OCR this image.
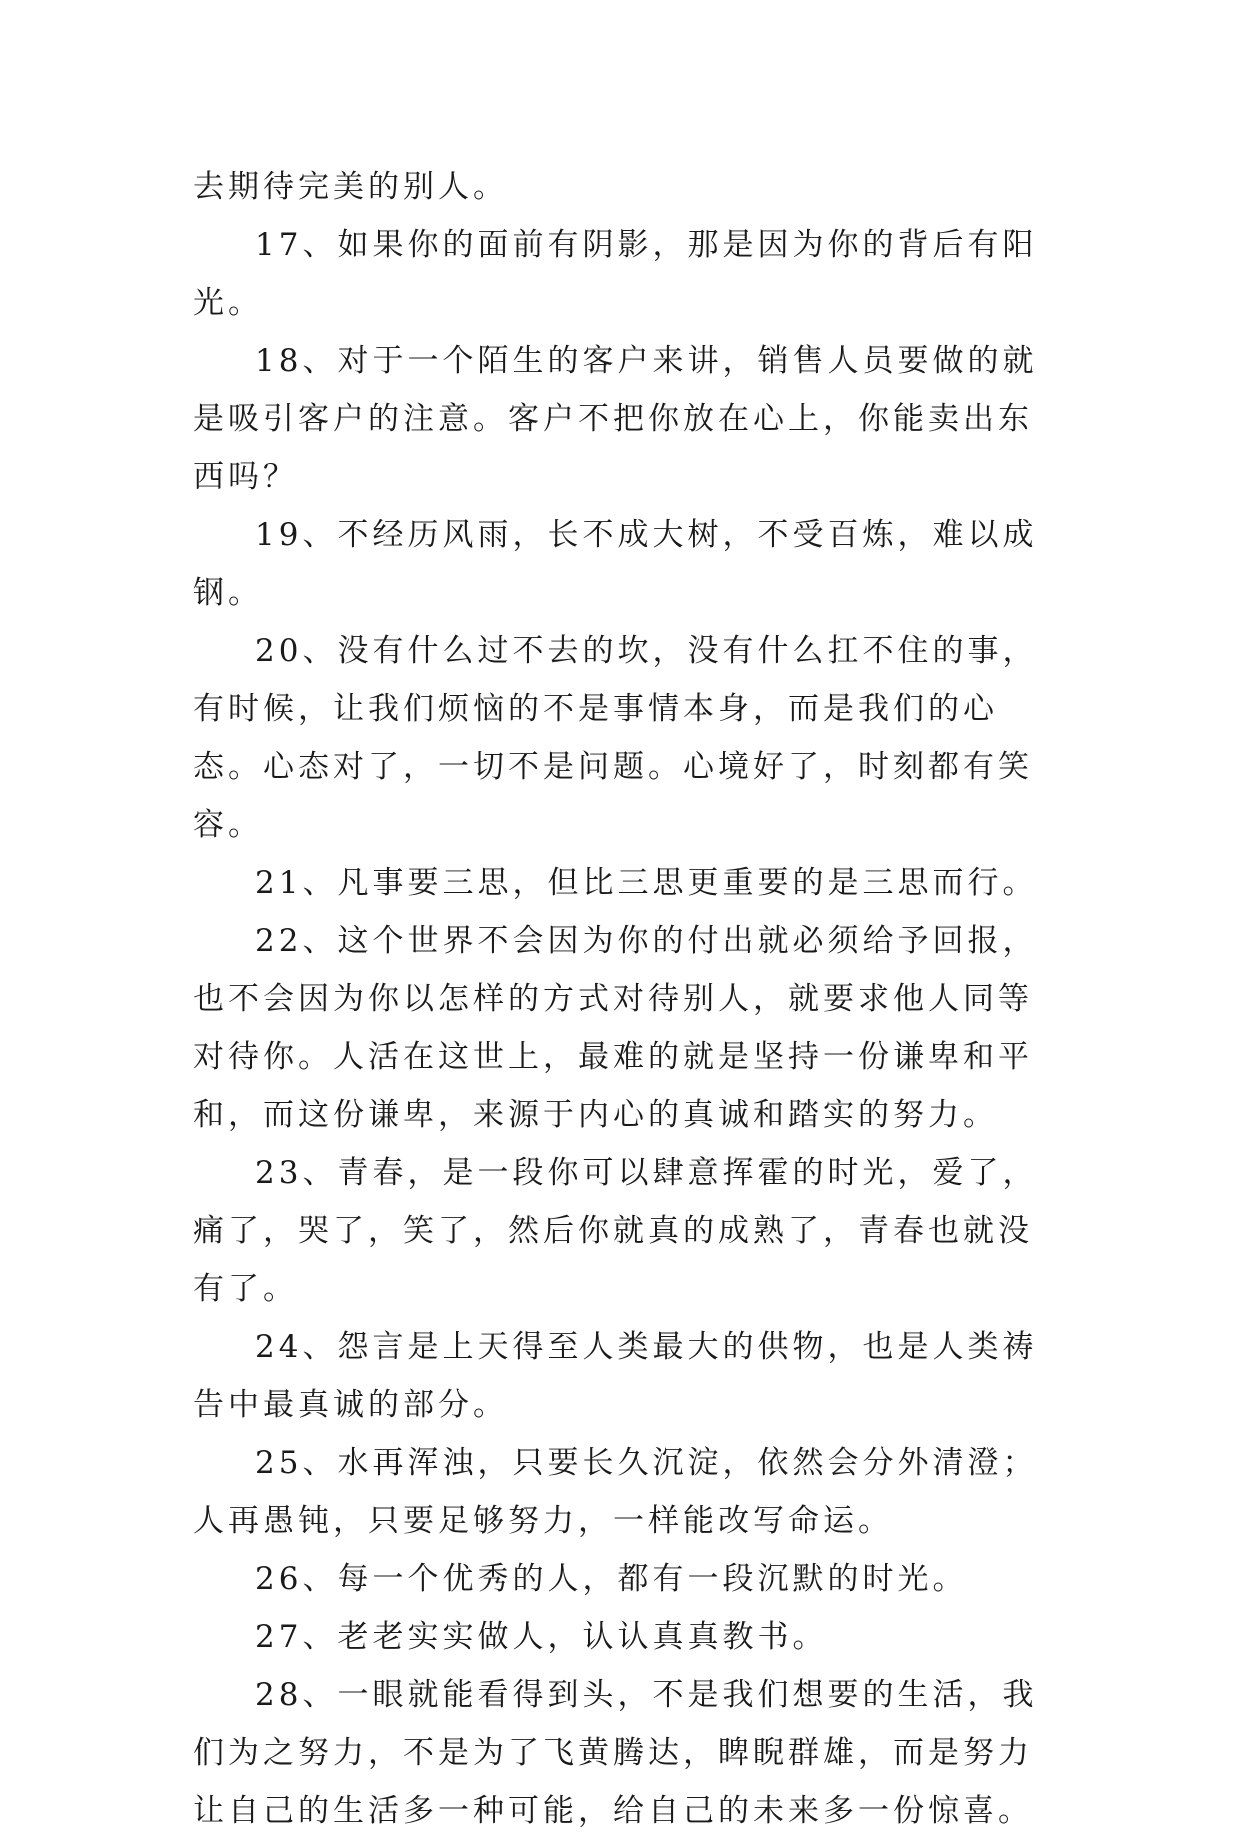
去期待完美的别人。

17、如果你的面前有阴影，那是因为你的背后有阳光。

18、对于一个陌生的客户来讲，销售人员要做的就是吸引客户的注意。客户不把你放在心上，你能卖出东西吗？

19、不经历风雨，长不成大树，不受百炼，难以成钢。

20、没有什么过不去的坎，没有什么扛不住的事，有时候，让我们烦恼的不是事情本身，而是我们的心态。心态对了，一切不是问题。心境好了，时刻都有笑容。

21、凡事要三思，但比三思更重要的是三思而行。

22、这个世界不会因为你的付出就必须给予回报，也不会因为你以怎样的方式对待别人，就要求他人同等对待你。人活在这世上，最难的就是坚持一份谦卑和平和，而这份谦卑，来源于内心的真诚和踏实的努力。

23、青春，是一段你可以肆意挥霍的时光，爱了，痛了，哭了，笑了，然后你就真的成熟了，青春也就没有了。

24、怨言是上天得至人类最大的供物，也是人类祷告中最真诚的部分。

25、水再浑浊，只要长久沉淀，依然会分外清澄；人再愚钝，只要足够努力，一样能改写命运。

26、每一个优秀的人，都有一段沉默的时光。

27、老老实实做人，认认真真教书。

28、一眼就能看得到头，不是我们想要的生活，我们为之努力，不是为了飞黄腾达，睥睨群雄，而是努力让自己的生活多一种可能，给自己的未来多一份惊喜。
